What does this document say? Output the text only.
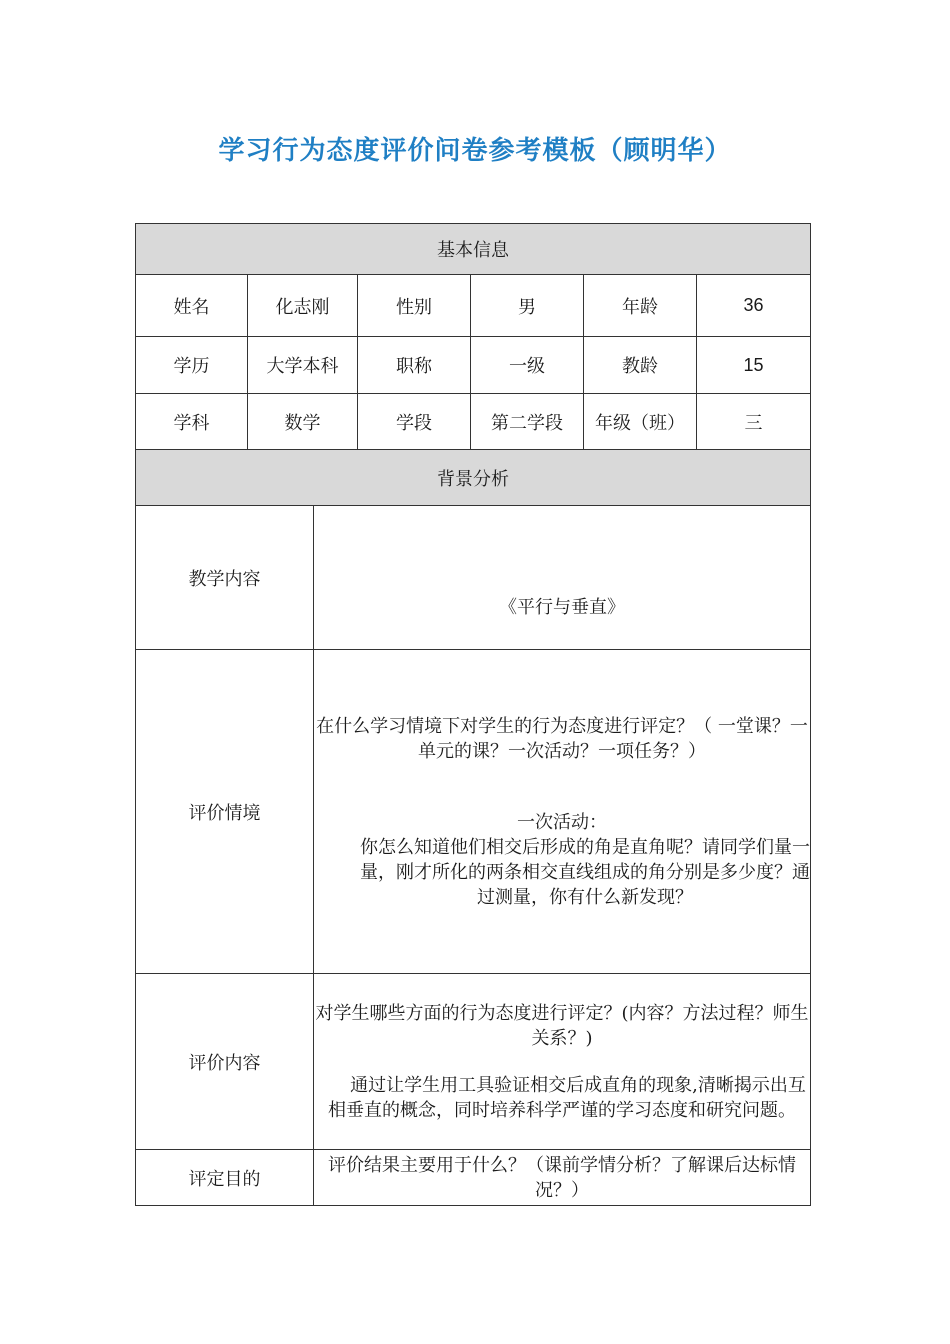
学习行为态度评价问卷参考模板（顾明华）
基本信息						
姓名	化志刚		性别	男	年龄	36
学历	大学本科		职称	一级	教龄	15
学科	数学		学段	第二学段	年级（班）	三
背景分析						
教学内容		《平行与垂直》				

评价情境		在什么学习情境下对学生的行为态度进行评定？（ 一堂课？一单元的课？一次活动？一项任务？）

一次活动：

你怎么知道他们相交后形成的角是直角呢？请同学们量一量，刚才所化的两条相交直线组成的角分别是多少度？通过测量，你有什么新发现？				

评价内容		对学生哪些方面的行为态度进行评定？(内容？方法过程？师生关系？)

通过让学生用工具验证相交后成直角的现象,清晰揭示出互相垂直的概念，同时培养科学严谨的学习态度和研究问题。				

评定目的		评价结果主要用于什么？（课前学情分析？了解课后达标情况？）				
